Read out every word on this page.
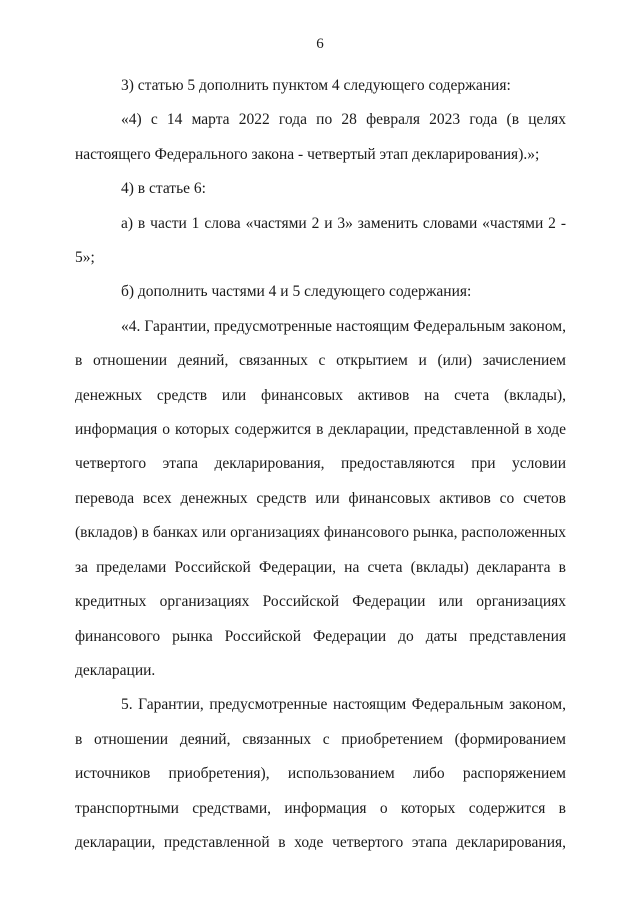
6

3) статью 5 дополнить пунктом 4 следующего содержания:

«4) с 14 марта 2022 года по 28 февраля 2023 года (в целях настоящего Федерального закона - четвертый этап декларирования).»;

4) в статье 6:

а) в части 1 слова «частями 2 и 3» заменить словами «частями 2 - 5»;

б) дополнить частями 4 и 5 следующего содержания:

«4. Гарантии, предусмотренные настоящим Федеральным законом, в отношении деяний, связанных с открытием и (или) зачислением денежных средств или финансовых активов на счета (вклады), информация о которых содержится в декларации, представленной в ходе четвертого этапа декларирования, предоставляются при условии перевода всех денежных средств или финансовых активов со счетов (вкладов) в банках или организациях финансового рынка, расположенных за пределами Российской Федерации, на счета (вклады) декларанта в кредитных организациях Российской Федерации или организациях финансового рынка Российской Федерации до даты представления декларации.

5. Гарантии, предусмотренные настоящим Федеральным законом, в отношении деяний, связанных с приобретением (формированием источников приобретения), использованием либо распоряжением транспортными средствами, информация о которых содержится в декларации, представленной в ходе четвертого этапа декларирования,
